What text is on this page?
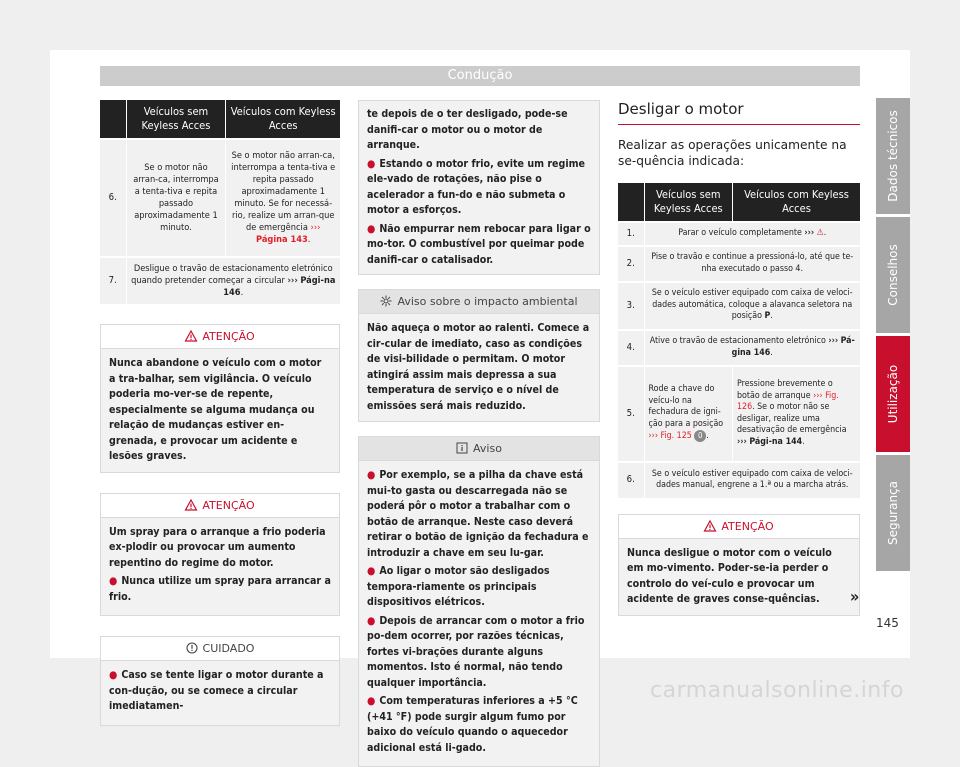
Condução
	Veículos sem Keyless Acces	Veículos com Keyless Acces
6.	Se o motor não arran-ca, interrompa a tenta-tiva e repita passado aproximadamente 1 minuto.	Se o motor não arran-ca, interrompa a tenta-tiva e repita passado aproximadamente 1 minuto. Se for necessá-rio, realize um arran-que de emergência ››› Página 143.
7.	Desligue o travão de estacionamento eletrónico quando pretender começar a circular ››› Pági-na 146.	
ATENÇÃO
Nunca abandone o veículo com o motor a tra-balhar, sem vigilância. O veículo poderia mo-ver-se de repente, especialmente se alguma mudança ou relação de mudanças estiver en-grenada, e provocar um acidente e lesões graves.
ATENÇÃO

Um spray para o arranque a frio poderia ex-plodir ou provocar um aumento repentino do regime do motor.

● Nunca utilize um spray para arrancar a frio.

CUIDADO

● Caso se tente ligar o motor durante a con-dução, ou se comece a circular imediatamen-

te depois de o ter desligado, pode-se danifi-car o motor ou o motor de arranque.

● Estando o motor frio, evite um regime ele-vado de rotações, não pise o acelerador a fun-do e não submeta o motor a esforços.

● Não empurrar nem rebocar para ligar o mo-tor. O combustível por queimar pode danifi-car o catalisador.

Aviso sobre o impacto ambiental
Não aqueça o motor ao ralenti. Comece a cir-cular de imediato, caso as condições de visi-bilidade o permitam. O motor atingirá assim mais depressa a sua temperatura de serviço e o nível de emissões será mais reduzido.
Aviso

● Por exemplo, se a pilha da chave está mui-to gasta ou descarregada não se poderá pôr o motor a trabalhar com o botão de arranque. Neste caso deverá retirar o botão de ignição da fechadura e introduzir a chave em seu lu-gar.

● Ao ligar o motor são desligados tempora-riamente os principais dispositivos elétricos.

● Depois de arrancar com o motor a frio po-dem ocorrer, por razões técnicas, fortes vi-brações durante alguns momentos. Isto é normal, não tendo qualquer importância.

● Com temperaturas inferiores a +5 °C (+41 °F) pode surgir algum fumo por baixo do veículo quando o aquecedor adicional está li-gado.

Desligar o motor
Realizar as operações unicamente na se-quência indicada:
	Veículos sem Keyless Acces	Veículos com Keyless Acces
1.	Parar o veículo completamente ››› ⚠.	
2.	Pise o travão e continue a pressioná-lo, até que te-nha executado o passo 4.	
3.	Se o veículo estiver equipado com caixa de veloci-dades automática, coloque a alavanca seletora na posição P.	
4.	Ative o travão de estacionamento eletrónico ››› Pá-gina 146.	
5.	Rode a chave do veícu-lo na fechadura de igni-ção para a posição ››› Fig. 125 0 .	Pressione brevemente o botão de arranque ››› Fig. 126. Se o motor não se desligar, realize uma desativação de emergência ››› Pági-na 144.
6.	Se o veículo estiver equipado com caixa de veloci-dades manual, engrene a 1.ª ou a marcha atrás.	
ATENÇÃO
Nunca desligue o motor com o veículo em mo-vimento. Poder-se-ia perder o controlo do veí-culo e provocar um acidente de graves conse-quências.	»
Dados técnicos
Conselhos
Utilização
Segurança
145
carmanualsonline.info
